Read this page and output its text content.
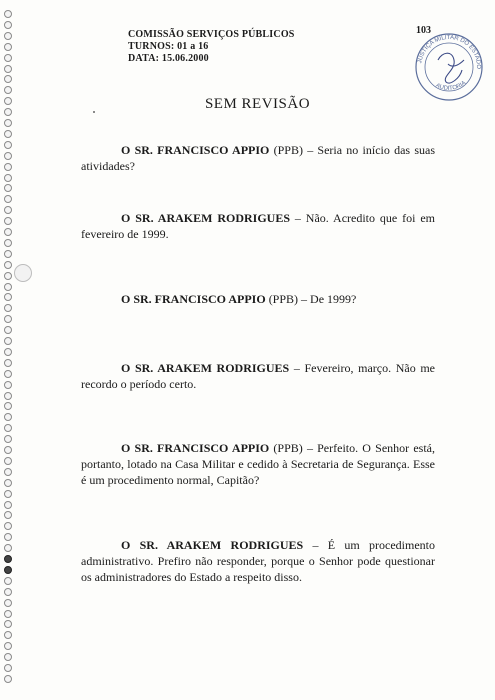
COMISSÃO SERVIÇOS PÚBLICOS
TURNOS: 01 a 16
DATA: 15.06.2000
103
JUSTIÇA MILITAR DO ESTADO
AUDITORIA
SEM REVISÃO
O SR. FRANCISCO APPIO (PPB) – Seria no início das suas atividades?
O SR. ARAKEM RODRIGUES – Não. Acredito que foi em fevereiro de 1999.
O SR. FRANCISCO APPIO (PPB) – De 1999?
O SR. ARAKEM RODRIGUES – Fevereiro, março. Não me recordo o período certo.
O SR. FRANCISCO APPIO (PPB) – Perfeito. O Senhor está, portanto, lotado na Casa Militar e cedido à Secretaria de Segurança. Esse é um procedimento normal, Capitão?
O SR. ARAKEM RODRIGUES – É um procedimento administrativo. Prefiro não responder, porque o Senhor pode questionar os administradores do Estado a respeito disso.
